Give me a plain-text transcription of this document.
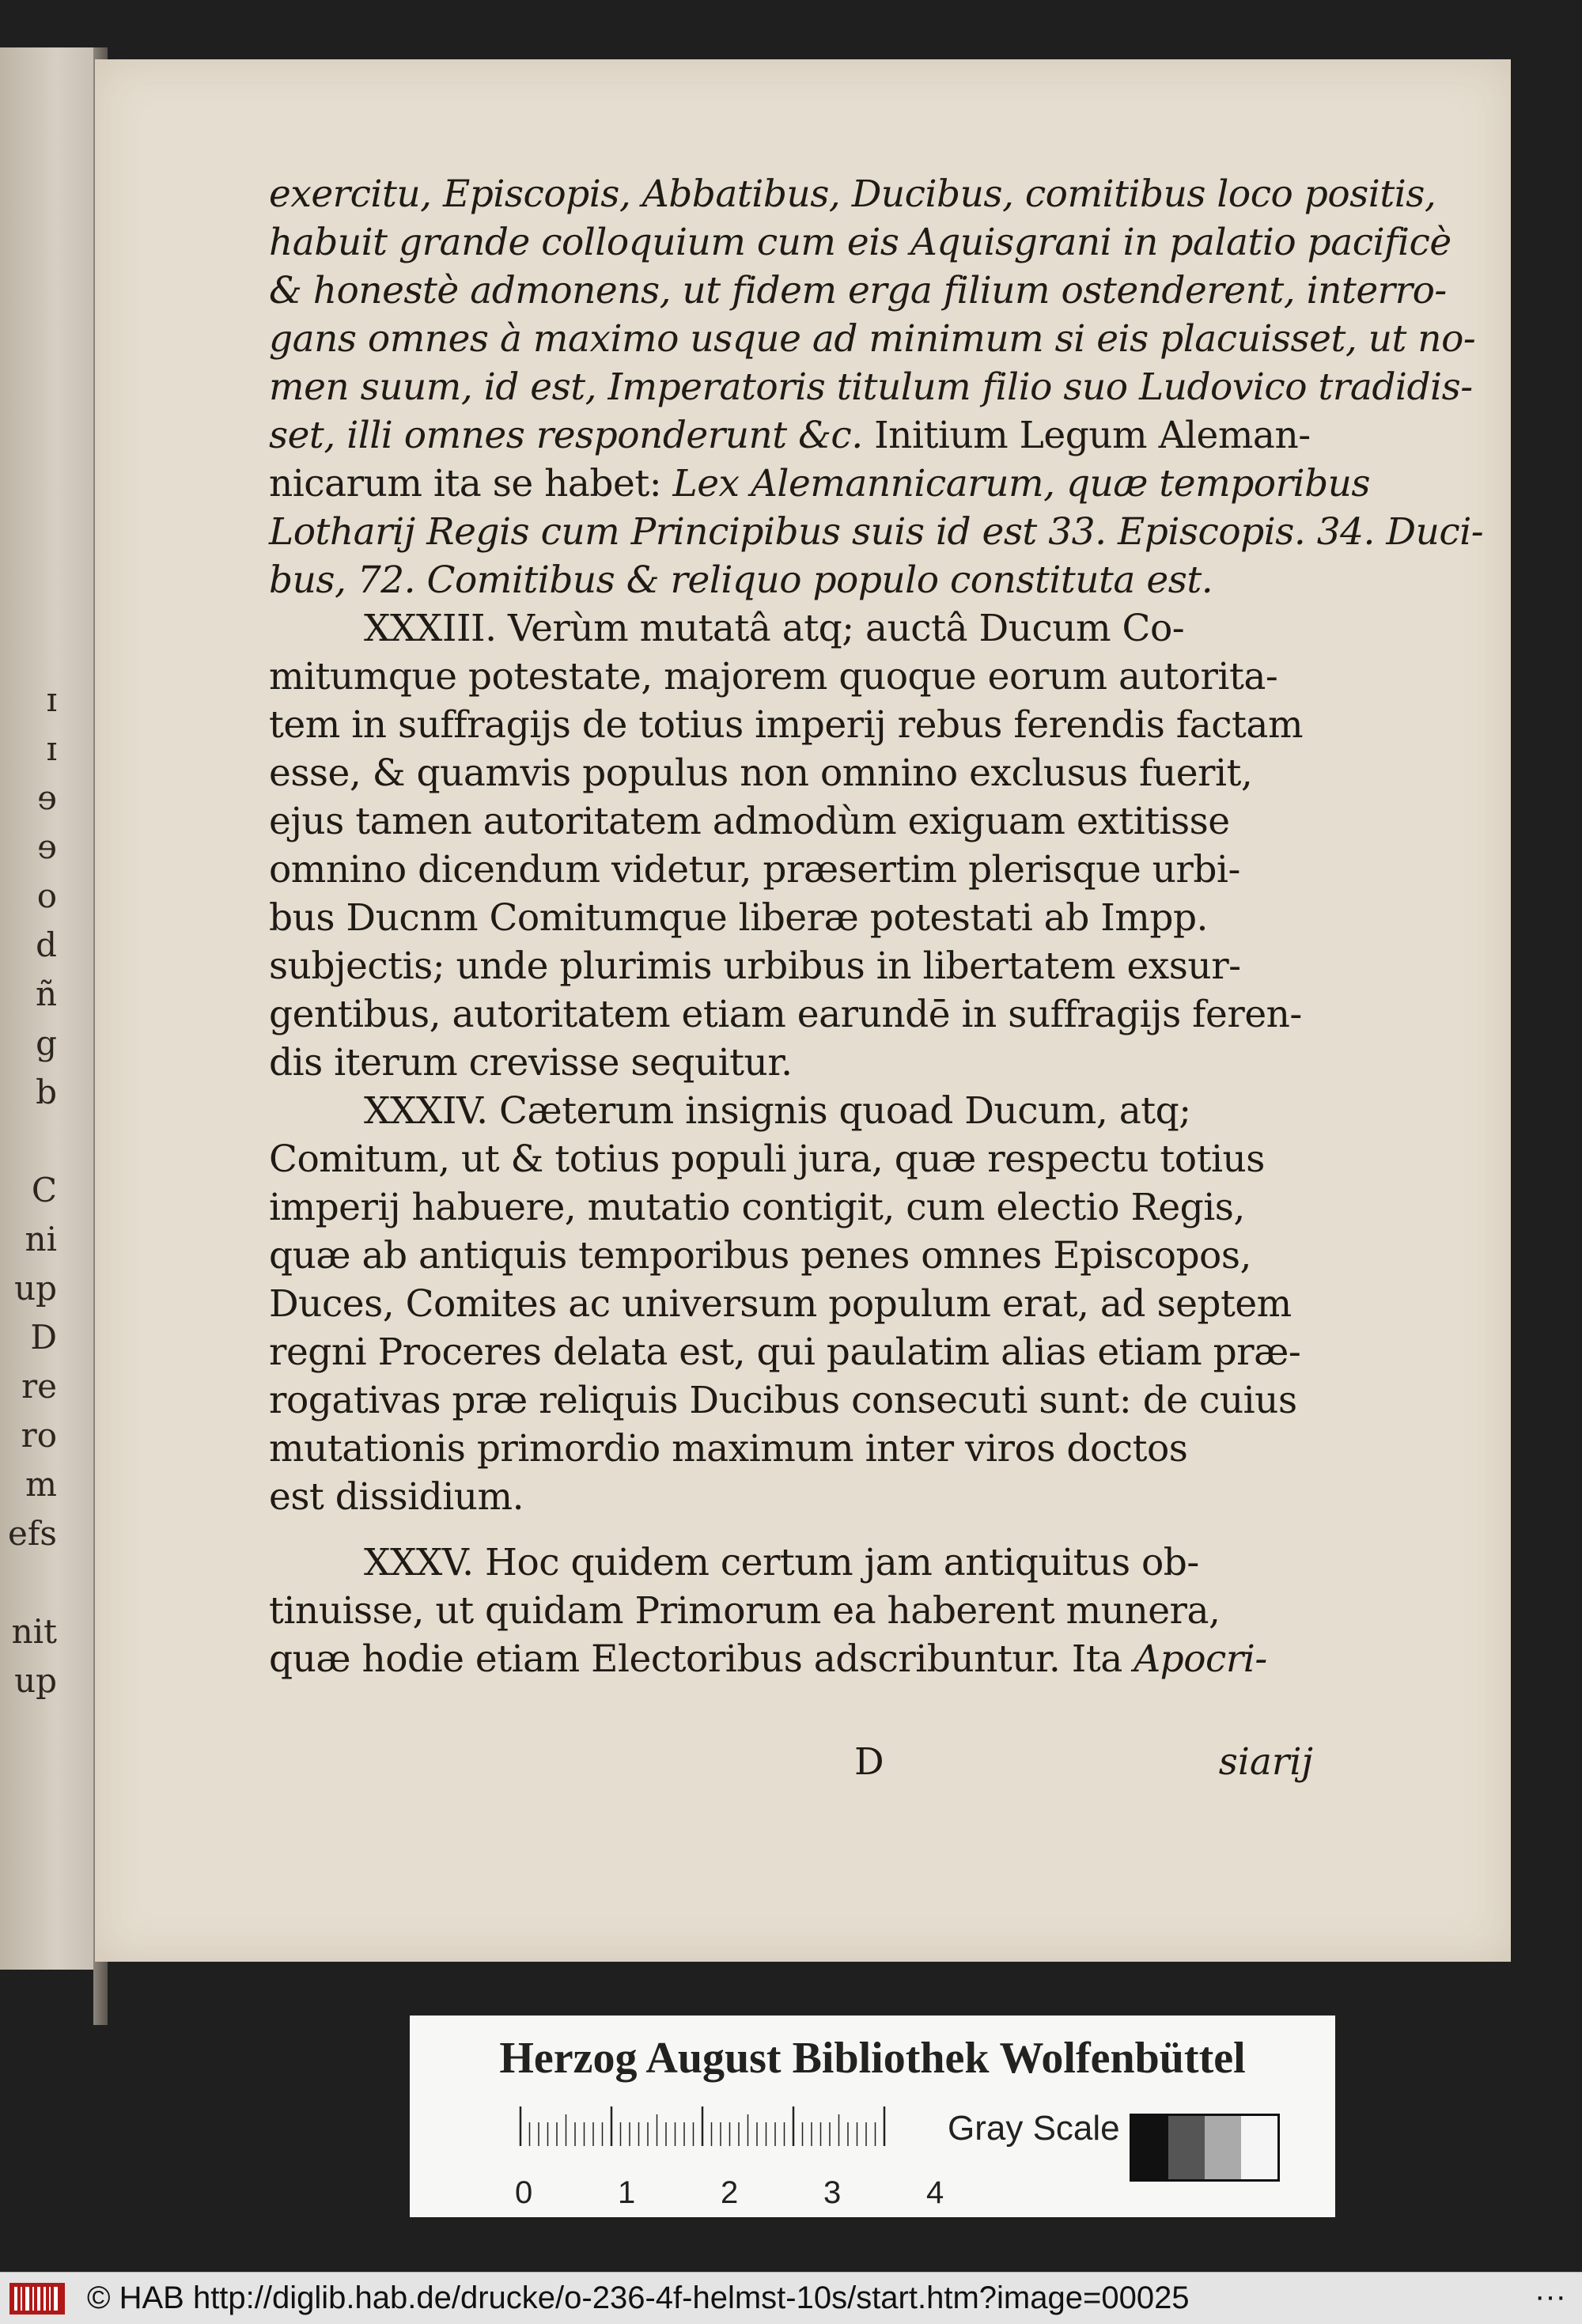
ɪ
ɪ
ɘ
ɘ
o
d
ñ
g
b
C
ni
up
D
re
ro
m
efs
nit
up
exercitu, Episcopis, Abbatibus, Ducibus, comitibus loco positis,
habuit grande colloquium cum eis Aquisgrani in palatio pacificè
& honestè admonens, ut fidem erga filium ostenderent, interro-
gans omnes à maximo usque ad minimum si eis placuisset, ut no-
men suum, id est, Imperatoris titulum filio suo Ludovico tradidis-
set, illi omnes responderunt &c. Initium Legum Aleman-
nicarum ita se habet: Lex Alemannicarum, quæ temporibus
Lotharij Regis cum Principibus suis id est 33. Episcopis. 34. Duci-
bus, 72. Comitibus & reliquo populo constituta est.
XXXIII. Verùm mutatâ atq; auctâ Ducum Co-
mitumque potestate, majorem quoque eorum autorita-
tem in suffragijs de totius imperij rebus ferendis factam
esse, & quamvis populus non omnino exclusus fuerit,
ejus tamen autoritatem admodùm exiguam extitisse
omnino dicendum videtur, præsertim plerisque urbi-
bus Ducnm Comitumque liberæ potestati ab Impp.
subjectis; unde plurimis urbibus in libertatem exsur-
gentibus, autoritatem etiam earundē in suffragijs feren-
dis iterum crevisse sequitur.
XXXIV. Cæterum insignis quoad Ducum, atq;
Comitum, ut & totius populi jura, quæ respectu totius
imperij habuere, mutatio contigit, cum electio Regis,
quæ ab antiquis temporibus penes omnes Episcopos,
Duces, Comites ac universum populum erat, ad septem
regni Proceres delata est, qui paulatim alias etiam præ-
rogativas præ reliquis Ducibus consecuti sunt: de cuius
mutationis primordio maximum inter viros doctos
est dissidium.
XXXV. Hoc quidem certum jam antiquitus ob-
tinuisse, ut quidam Primorum ea haberent munera,
quæ hodie etiam Electoribus adscribuntur. Ita Apocri-
D	siarij
Herzog August Bibliothek Wolfenbüttel
0	1	2	3	4
Gray Scale
© HAB http://diglib.hab.de/drucke/o-236-4f-helmst-10s/start.htm?image=00025	···
